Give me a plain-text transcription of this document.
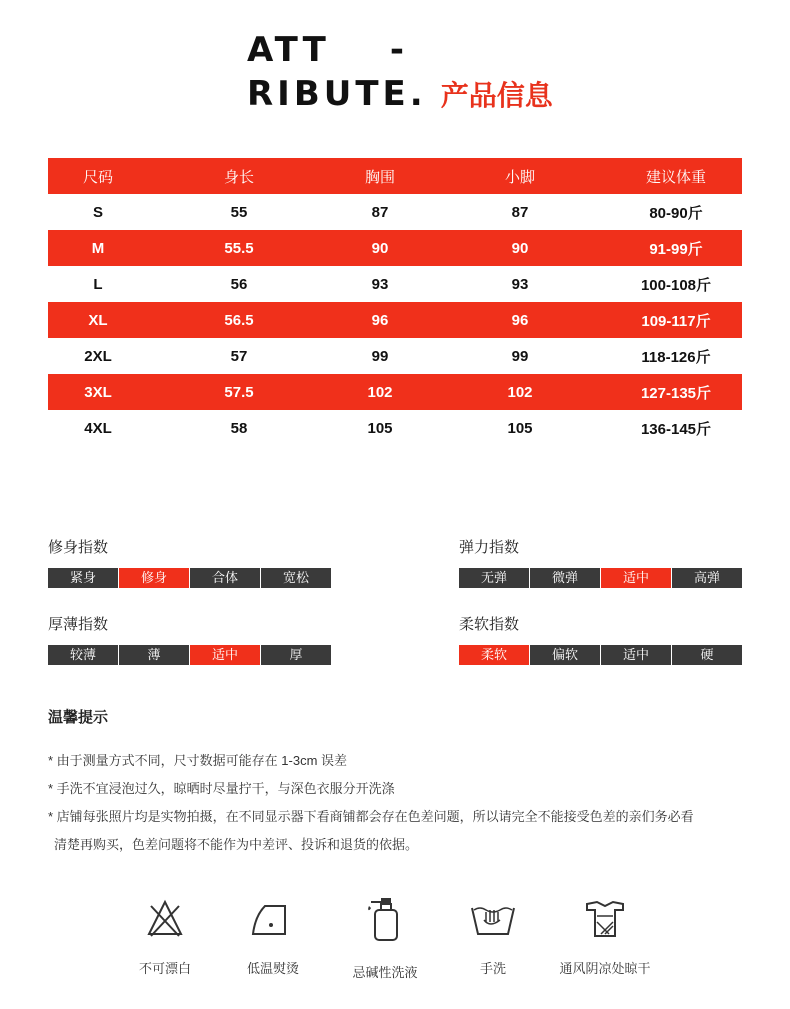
ATT -
RIBUTE. 产品信息
尺码	身长	胸围	小脚	建议体重
S	55	87	87	80-90斤
M	55.5	90	90	91-99斤
L	56	93	93	100-108斤
XL	56.5	96	96	109-117斤
2XL	57	99	99	118-126斤
3XL	57.5	102	102	127-135斤
4XL	58	105	105	136-145斤
修身指数
紧身	修身	合体	宽松
弹力指数
无弹	微弹	适中	高弹
厚薄指数
较薄	薄	适中	厚
柔软指数
柔软	偏软	适中	硬
温馨提示
* 由于测量方式不同，尺寸数据可能存在 1-3cm 误差
* 手洗不宜浸泡过久，晾晒时尽量拧干，与深色衣服分开洗涤
* 店铺每张照片均是实物拍摄，在不同显示器下看商铺都会存在色差问题，所以请完全不能接受色差的亲们务必看
清楚再购买，色差问题将不能作为中差评、投诉和退货的依据。
不可漂白	低温熨烫	忌碱性洗液	手洗	通风阴凉处晾干
